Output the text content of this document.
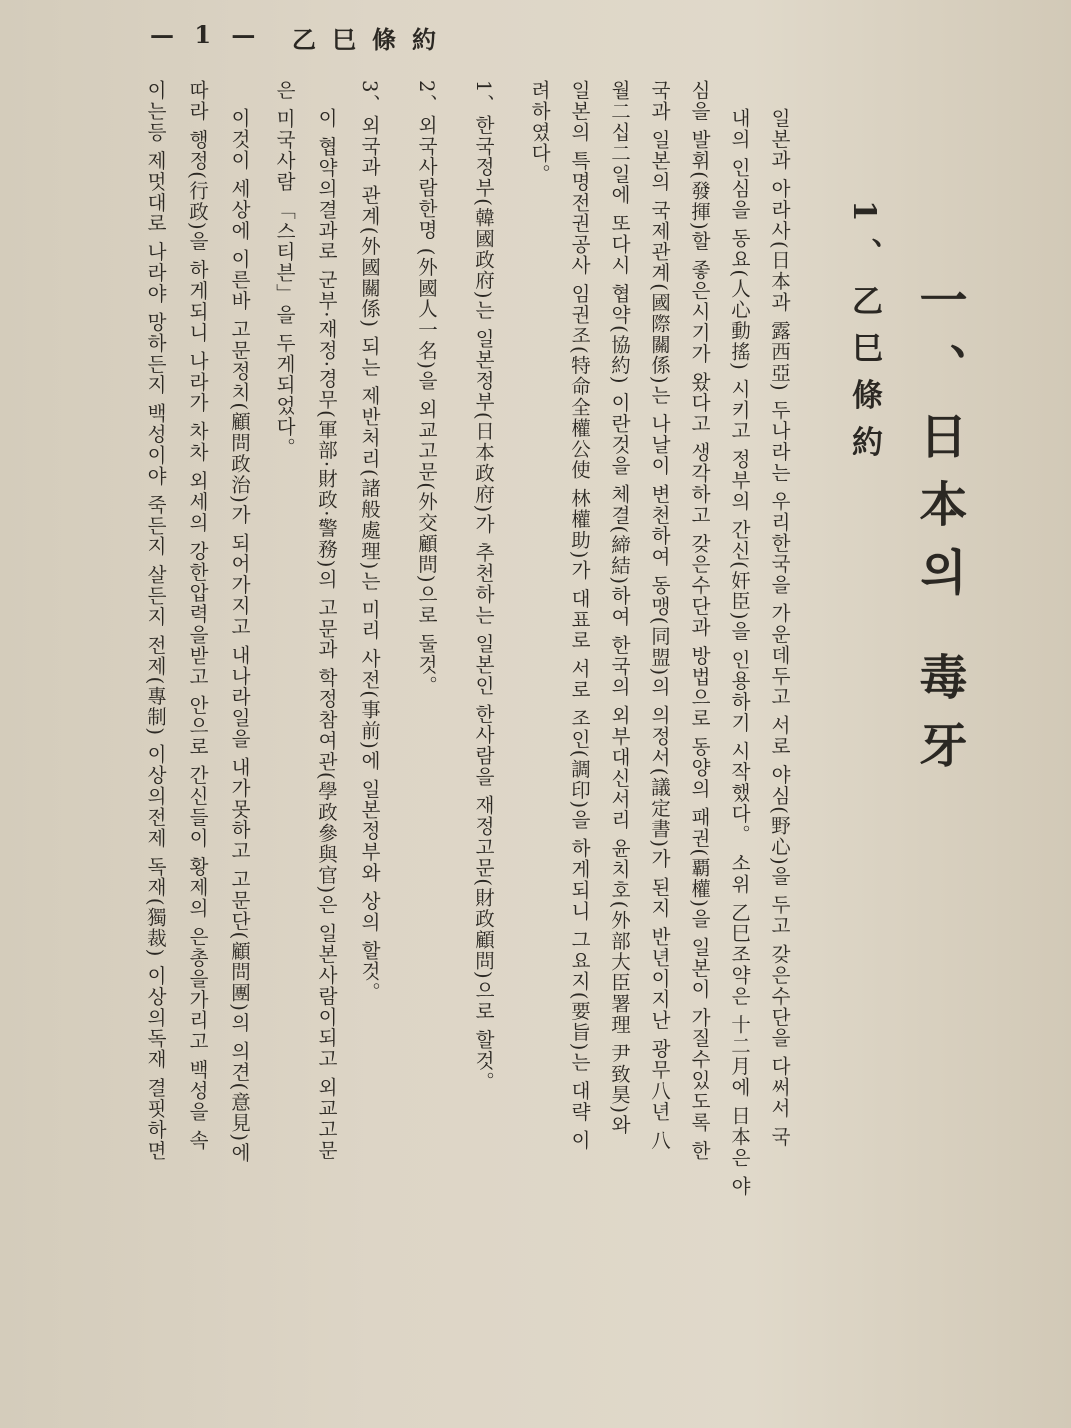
— 1 — 乙巳條約
一、日本의 毒牙
1、乙巳條約
일본과 아라사(日本과 露西亞) 두나라는 우리한국을 가운데두고 서로 야심(野心)을 두고 갖은수단을 다써서 국
내의 인심을 동요(人心動搖) 시키고 정부의 간신(奸臣)을 인용하기 시작했다。 소위 乙巳조약은 十二月에 日本은 야
심을 발휘(發揮)할 좋은시기가 왔다고 생각하고 갖은수단과 방법으로 동양의 패권(覇權)을 일본이 가질수있도록 한
국과 일본의 국제관계(國際關係)는 나날이 변천하여 동맹(同盟)의 의정서(議定書)가 된지 반년이지난 광무八년 八
월二십二일에 또다시 협약(協約) 이란것을 체결(締結)하여 한국의 외부대신서리 윤치호(外部大臣署理 尹致昊)와
일본의 특명전권공사 임권조(特命全權公使 林權助)가 대표로 서로 조인(調印)을 하게되니 그요지(要旨)는 대략 이
려하였다。
1、한국정부(韓國政府)는 일본정부(日本政府)가 추천하는 일본인 한사람을 재정고문(財政顧問)으로 할것。
2、외국사람한명 (外國人一名)을 외교고문(外交顧問)으로 둘것。
3、외국과 관계(外國關係) 되는 제반처리(諸般處理)는 미리 사전(事前)에 일본정부와 상의 할것。
이 협약의결과로 군부·재정·경무(軍部·財政·警務)의 고문과 학정참여관(學政參與官)은 일본사람이되고 외교고문
은 미국사람 「스티븐」을 두게되었다。
이것이 세상에 이른바 고문정치(顧問政治)가 되어가지고 내나라일을 내가못하고 고문단(顧問團)의 의견(意見)에
따라 행정(行政)을 하게되니 나라가 차차 외세의 강한압력을받고 안으로 간신들이 황제의 은총을가리고 백성을 속
이는등 제멋대로 나라야 망하든지 백성이야 죽든지 살든지 전제(專制) 이상의전제 독재(獨裁) 이상의독재 결핏하면
